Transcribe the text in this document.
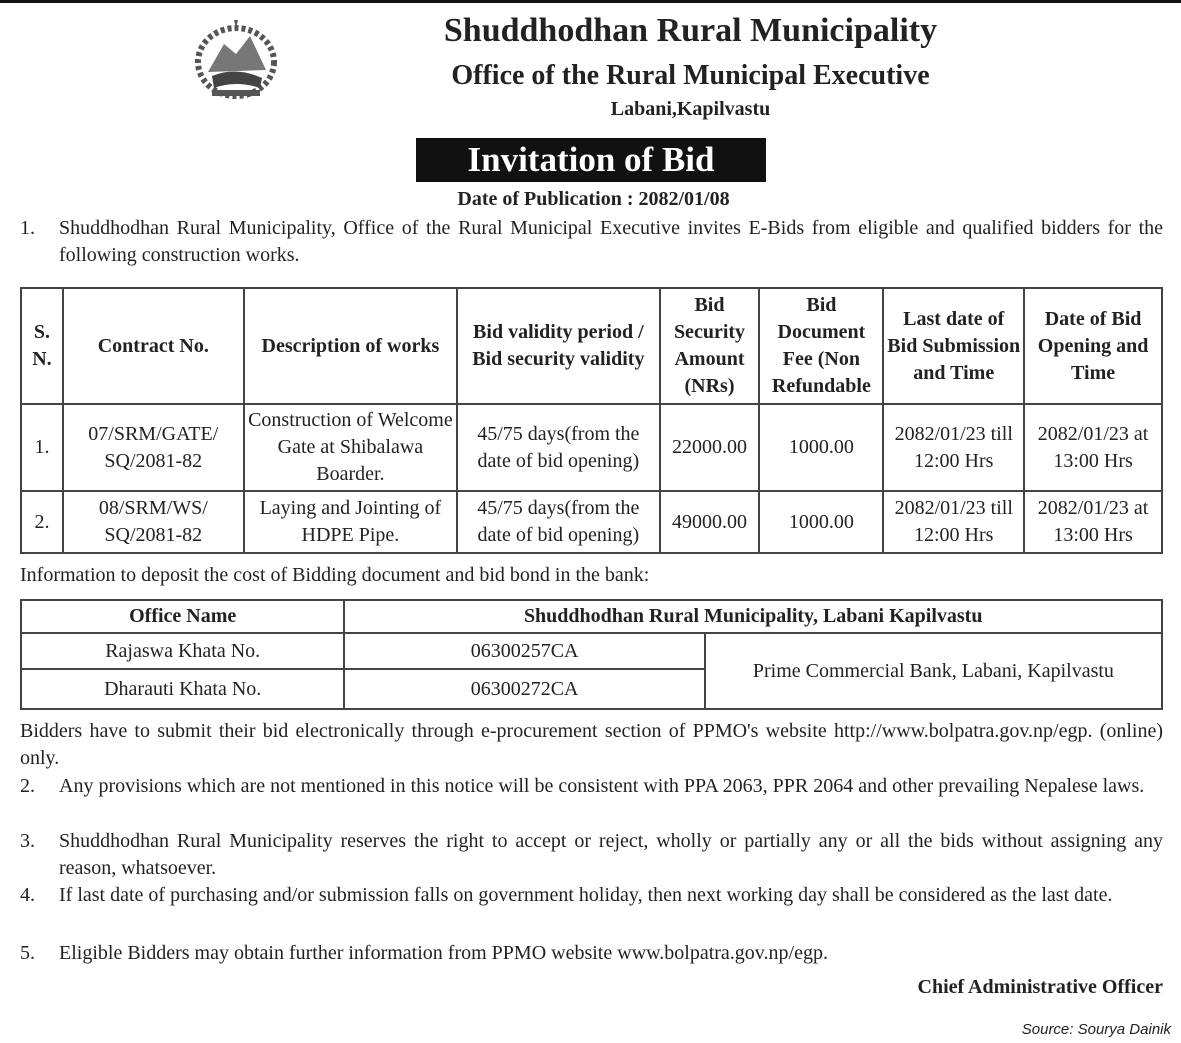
Shuddhodhan Rural Municipality
Office of the Rural Municipal Executive
Labani,Kapilvastu
Invitation of Bid
Date of Publication : 2082/01/08
1.	Shuddhodhan Rural Municipality, Office of the Rural Municipal Executive invites E-Bids from eligible and qualified bidders for the following construction works.
S. N.	Contract No.	Description of works	Bid validity period / Bid security validity	Bid Security Amount (NRs)	Bid Document Fee (Non Refundable	Last date of Bid Submission and Time	Date of Bid Opening and Time
1.	07/SRM/GATE/ SQ/2081-82	Construction of Welcome Gate at Shibalawa Boarder.	45/75 days(from the date of bid opening)	22000.00	1000.00	2082/01/23 till 12:00 Hrs	2082/01/23 at 13:00 Hrs
2.	08/SRM/WS/ SQ/2081-82	Laying and Jointing of HDPE Pipe.	45/75 days(from the date of bid opening)	49000.00	1000.00	2082/01/23 till 12:00 Hrs	2082/01/23 at 13:00 Hrs
Information to deposit the cost of Bidding document and bid bond in the bank:
Office Name	Shuddhodhan Rural Municipality, Labani Kapilvastu	
Rajaswa Khata No.	06300257CA	Prime Commercial Bank, Labani, Kapilvastu
Dharauti Khata No.	06300272CA	
Bidders have to submit their bid electronically through e-procurement section of PPMO's website http://www.bolpatra.gov.np/egp. (online) only.
2.	Any provisions which are not mentioned in this notice will be consistent with PPA 2063, PPR 2064 and other prevailing Nepalese laws.
3.	Shuddhodhan Rural Municipality reserves the right to accept or reject, wholly or partially any or all the bids without assigning any reason, whatsoever.
4.	If last date of purchasing and/or submission falls on government holiday, then next working day shall be considered as the last date.
5.	Eligible Bidders may obtain further information from PPMO website www.bolpatra.gov.np/egp.
Chief Administrative Officer
Source: Sourya Dainik
